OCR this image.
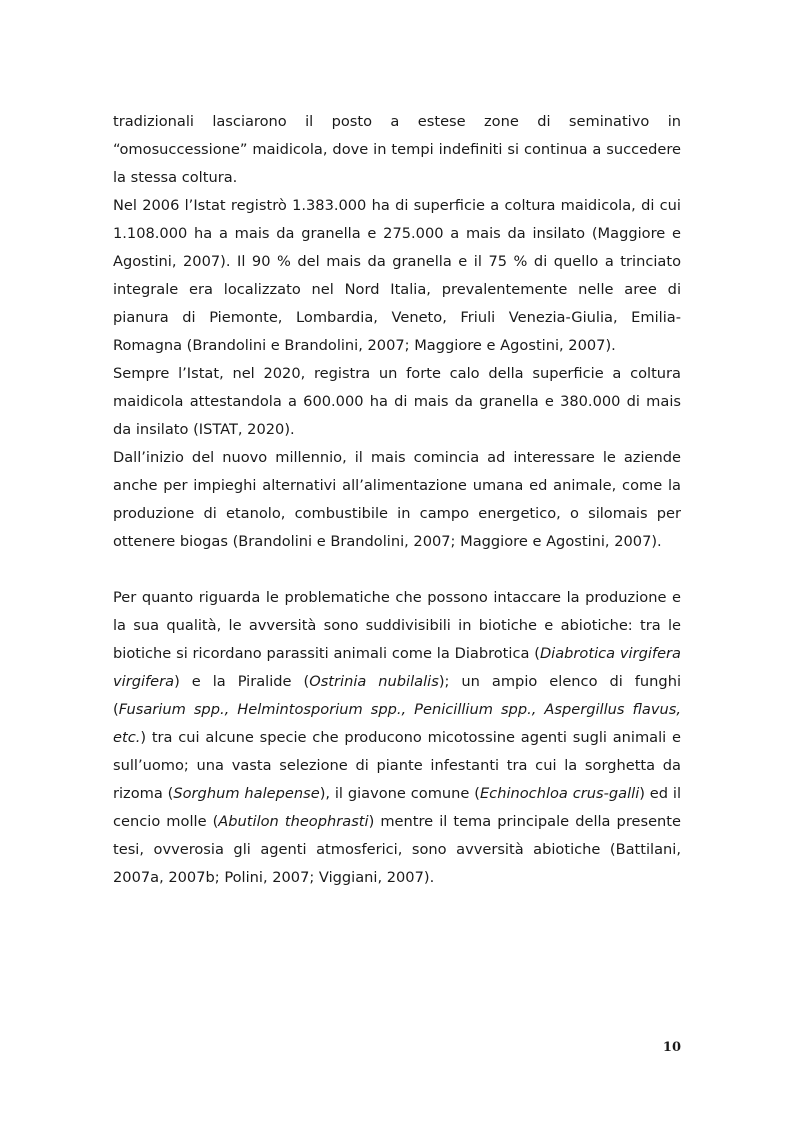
tradizionali lasciarono il posto a estese zone di seminativo in “omosuccessione” maidicola, dove in tempi indefiniti si continua a succedere la stessa coltura.

Nel 2006 l’Istat registrò 1.383.000 ha di superficie a coltura maidicola, di cui 1.108.000 ha a mais da granella e 275.000 a mais da insilato (Maggiore e Agostini, 2007). Il 90 % del mais da granella e il 75 % di quello a trinciato integrale era localizzato nel Nord Italia, prevalentemente nelle aree di pianura di Piemonte, Lombardia, Veneto, Friuli Venezia-Giulia, Emilia- Romagna (Brandolini e Brandolini, 2007; Maggiore e Agostini, 2007).

Sempre l’Istat, nel 2020, registra un forte calo della superficie a coltura maidicola attestandola a 600.000 ha di mais da granella e 380.000 di mais da insilato (ISTAT, 2020).

Dall’inizio del nuovo millennio, il mais comincia ad interessare le aziende anche per impieghi alternativi all’alimentazione umana ed animale, come la produzione di etanolo, combustibile in campo energetico, o silomais per ottenere biogas (Brandolini e Brandolini, 2007; Maggiore e Agostini, 2007).

Per quanto riguarda le problematiche che possono intaccare la produzione e la sua qualità, le avversità sono suddivisibili in biotiche e abiotiche: tra le biotiche si ricordano parassiti animali come la Diabrotica (Diabrotica virgifera virgifera) e la Piralide (Ostrinia nubilalis); un ampio elenco di funghi (Fusarium spp., Helmintosporium spp., Penicillium spp., Aspergillus flavus, etc.) tra cui alcune specie che producono micotossine agenti sugli animali e sull’uomo; una vasta selezione di piante infestanti tra cui la sorghetta da rizoma (Sorghum halepense), il giavone comune (Echinochloa crus-galli) ed il cencio molle (Abutilon theophrasti) mentre il tema principale della presente tesi, ovverosia gli agenti atmosferici, sono avversità abiotiche (Battilani, 2007a, 2007b; Polini, 2007; Viggiani, 2007).

10
